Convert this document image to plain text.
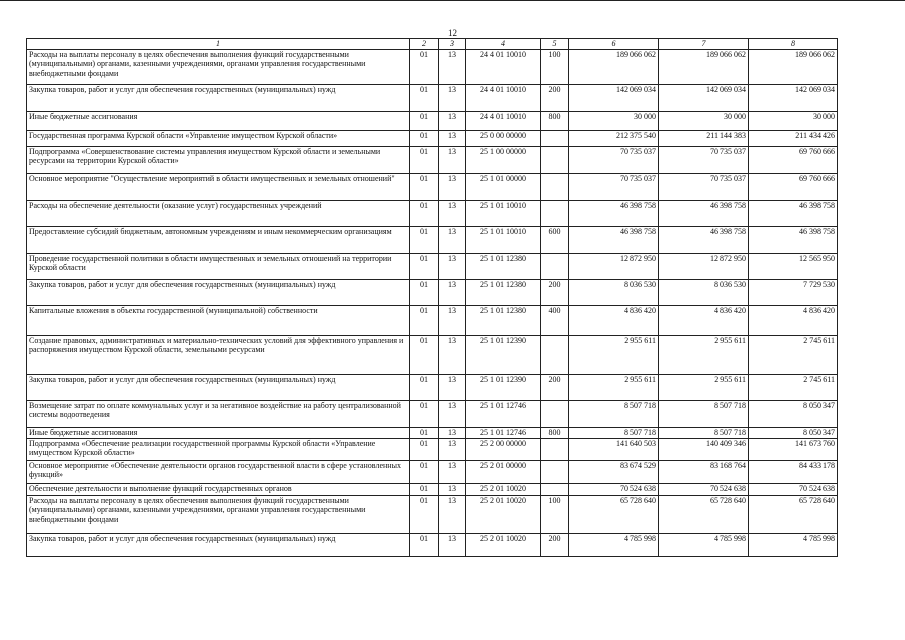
12
1	2	3	4	5	6	7	8
Расходы на выплаты персоналу в целях обеспечения выполнения функций государственными (муниципальными) органами, казенными учреждениями, органами управления государственными внебюджетными фондами	01	13	24 4 01 10010	100	189 066 062	189 066 062	189 066 062
Закупка товаров, работ и услуг для обеспечения государственных (муниципальных) нужд	01	13	24 4 01 10010	200	142 069 034	142 069 034	142 069 034
Иные бюджетные ассигнования	01	13	24 4 01 10010	800	30 000	30 000	30 000
Государственная программа Курской области «Управление имуществом Курской области»	01	13	25 0 00 00000		212 375 540	211 144 383	211 434 426
Подпрограмма «Совершенствование системы управления имуществом Курской области и земельными ресурсами на территории Курской области»	01	13	25 1 00 00000		70 735 037	70 735 037	69 760 666
Основное мероприятие "Осуществление мероприятий в области имущественных и земельных отношений"	01	13	25 1 01 00000		70 735 037	70 735 037	69 760 666
Расходы на обеспечение деятельности (оказание услуг) государственных учреждений	01	13	25 1 01 10010		46 398 758	46 398 758	46 398 758
Предоставление субсидий бюджетным, автономным учреждениям и иным некоммерческим организациям	01	13	25 1 01 10010	600	46 398 758	46 398 758	46 398 758
Проведение государственной политики в области имущественных и земельных отношений на территории Курской области	01	13	25 1 01 12380		12 872 950	12 872 950	12 565 950
Закупка товаров, работ и услуг для обеспечения государственных (муниципальных) нужд	01	13	25 1 01 12380	200	8 036 530	8 036 530	7 729 530
Капитальные вложения в объекты государственной (муниципальной) собственности	01	13	25 1 01 12380	400	4 836 420	4 836 420	4 836 420
Создание правовых, административных и материально-технических условий для эффективного управления и распоряжения имуществом Курской области, земельными ресурсами	01	13	25 1 01 12390		2 955 611	2 955 611	2 745 611
Закупка товаров, работ и услуг для обеспечения государственных (муниципальных) нужд	01	13	25 1 01 12390	200	2 955 611	2 955 611	2 745 611
Возмещение затрат по оплате коммунальных услуг и за негативное воздействие на работу централизованной системы водоотведения	01	13	25 1 01 12746		8 507 718	8 507 718	8 050 347
Иные бюджетные ассигнования	01	13	25 1 01 12746	800	8 507 718	8 507 718	8 050 347
Подпрограмма «Обеспечение реализации государственной программы Курской области «Управление имуществом Курской области»	01	13	25 2 00 00000		141 640 503	140 409 346	141 673 760
Основное мероприятие «Обеспечение деятельности органов государственной власти в сфере установленных функций»	01	13	25 2 01 00000		83 674 529	83 168 764	84 433 178
Обеспечение деятельности и выполнение функций государственных органов	01	13	25 2 01 10020		70 524 638	70 524 638	70 524 638
Расходы на выплаты персоналу в целях обеспечения выполнения функций государственными (муниципальными) органами, казенными учреждениями, органами управления государственными внебюджетными фондами	01	13	25 2 01 10020	100	65 728 640	65 728 640	65 728 640
Закупка товаров, работ и услуг для обеспечения государственных (муниципальных) нужд	01	13	25 2 01 10020	200	4 785 998	4 785 998	4 785 998
